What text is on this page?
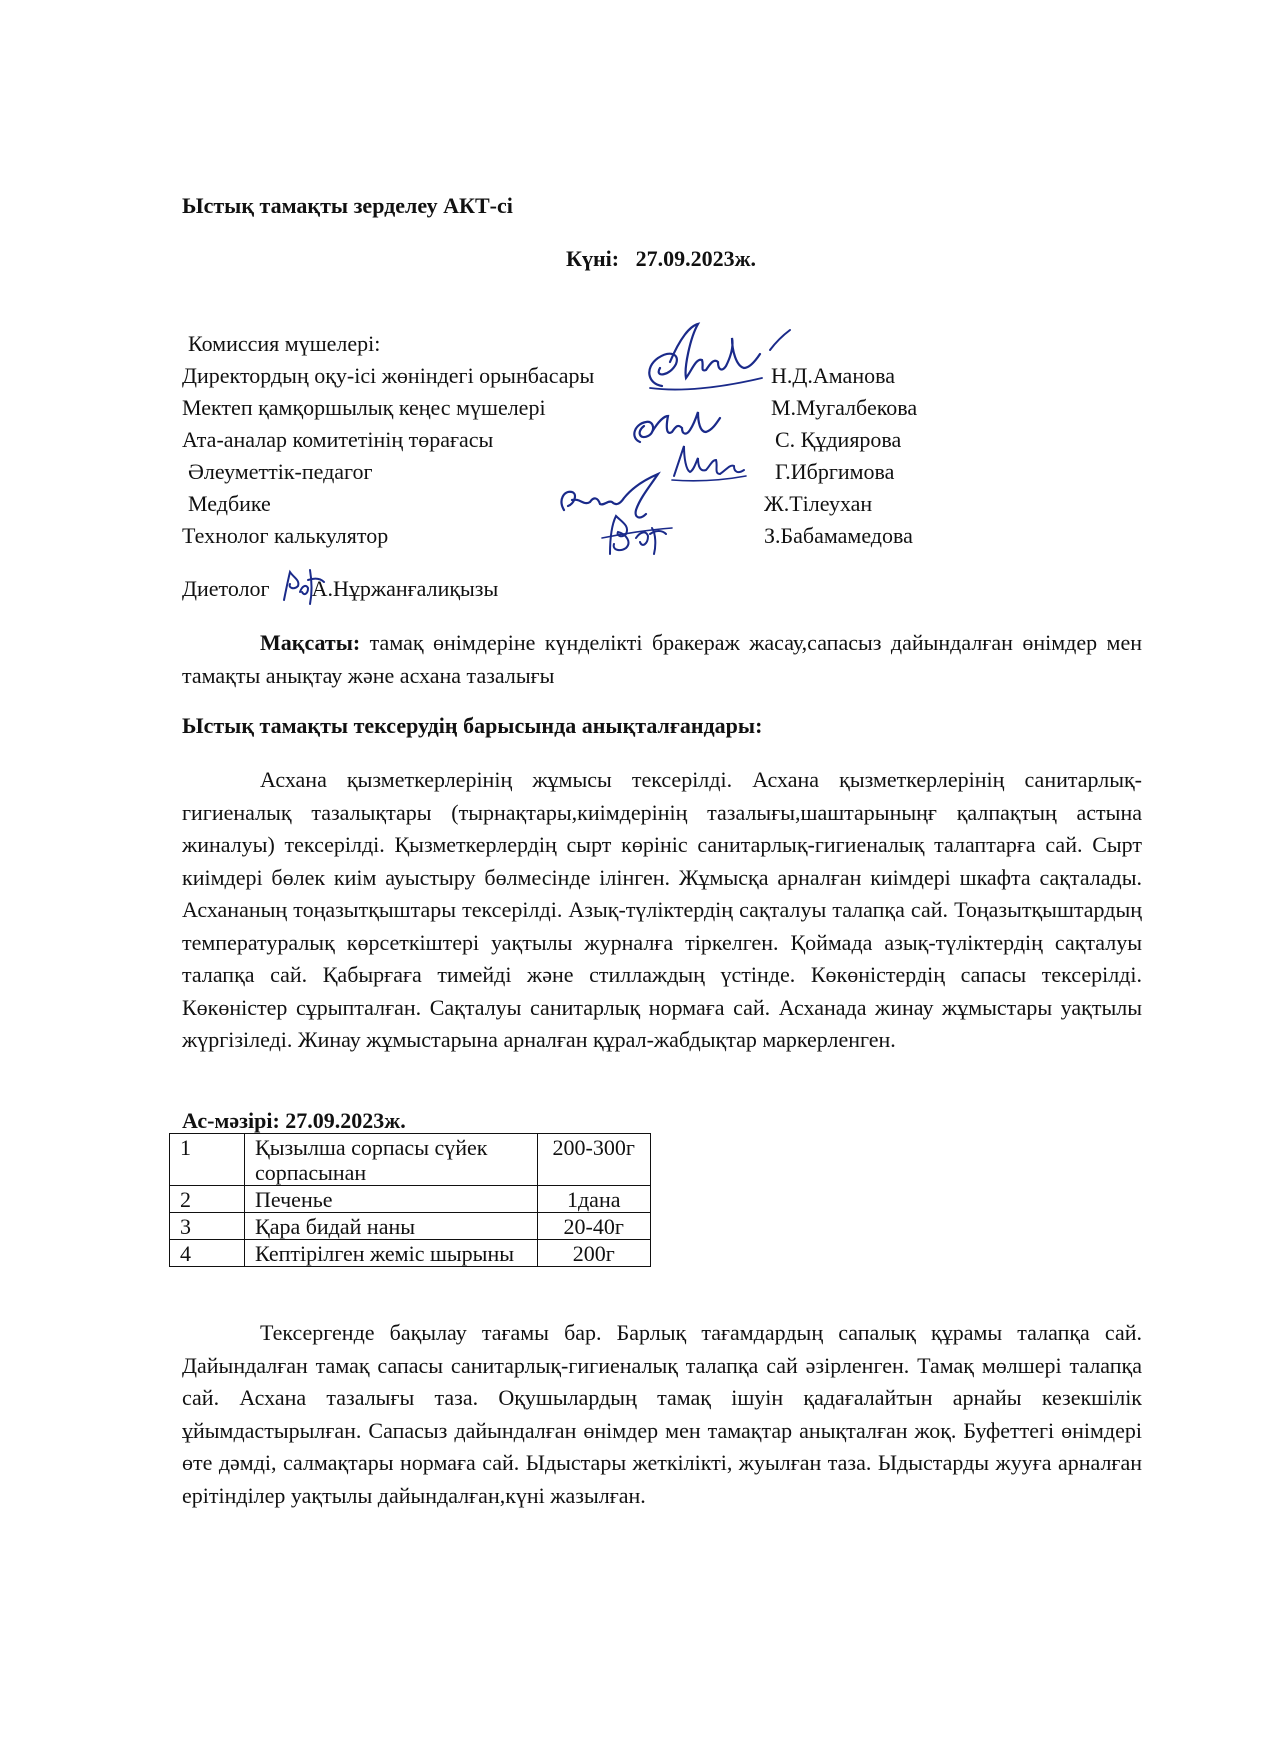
Ыстық тамақты зерделеу АКТ-сі
Күні: 27.09.2023ж.
Комиссия мүшелері:
Директордың оқу-ісі жөніндегі орынбасары	Н.Д.Аманова
Мектеп қамқоршылық кеңес мүшелері	М.Мугалбекова
Ата-аналар комитетінің төрағасы	С. Құдиярова
Әлеуметтік-педагог	Г.Ибргимова
Медбике	Ж.Тілеухан
Технолог калькулятор	З.Бабамамедова
Диетолог А.Нұржанғалиқызы
Мақсаты: тамақ өнімдеріне күнделікті бракераж жасау,сапасыз дайындалған өнімдер мен тамақты анықтау және асхана тазалығы
Ыстық тамақты тексерудің барысында анықталғандары:
Асхана қызметкерлерінің жұмысы тексерілді. Асхана қызметкерлерінің санитарлық-гигиеналық тазалықтары (тырнақтары,киімдерінің тазалығы,шаштарыныңғ қалпақтың астына жиналуы) тексерілді. Қызметкерлердің сырт көрініс санитарлық-гигиеналық талаптарға сай. Сырт киімдері бөлек киім ауыстыру бөлмесінде ілінген. Жұмысқа арналған киімдері шкафта сақталады. Асхананың тоңазытқыштары тексерілді. Азық-түліктердің сақталуы талапқа сай. Тоңазытқыштардың температуралық көрсеткіштері уақтылы журналға тіркелген. Қоймада азық-түліктердің сақталуы талапқа сай. Қабырғаға тимейді және стиллаждың үстінде. Көкөністердің сапасы тексерілді. Көкөністер сұрыпталған. Сақталуы санитарлық нормаға сай. Асханада жинау жұмыстары уақтылы жүргізіледі. Жинау жұмыстарына арналған құрал-жабдықтар маркерленген.
Ас-мәзірі: 27.09.2023ж.
1	Қызылша сорпасы сүйек сорпасынан	200-300г
2	Печенье	1дана
3	Қара бидай наны	20-40г
4	Кептірілген жеміс шырыны	200г
Тексергенде бақылау тағамы бар. Барлық тағамдардың сапалық құрамы талапқа сай. Дайындалған тамақ сапасы санитарлық-гигиеналық талапқа сай әзірленген. Тамақ мөлшері талапқа сай. Асхана тазалығы таза. Оқушылардың тамақ ішуін қадағалайтын арнайы кезекшілік ұйымдастырылған. Сапасыз дайындалған өнімдер мен тамақтар анықталған жоқ. Буфеттегі өнімдері өте дәмді, салмақтары нормаға сай. Ыдыстары жеткілікті, жуылған таза. Ыдыстарды жууға арналған ерітінділер уақтылы дайындалған,күні жазылған.
